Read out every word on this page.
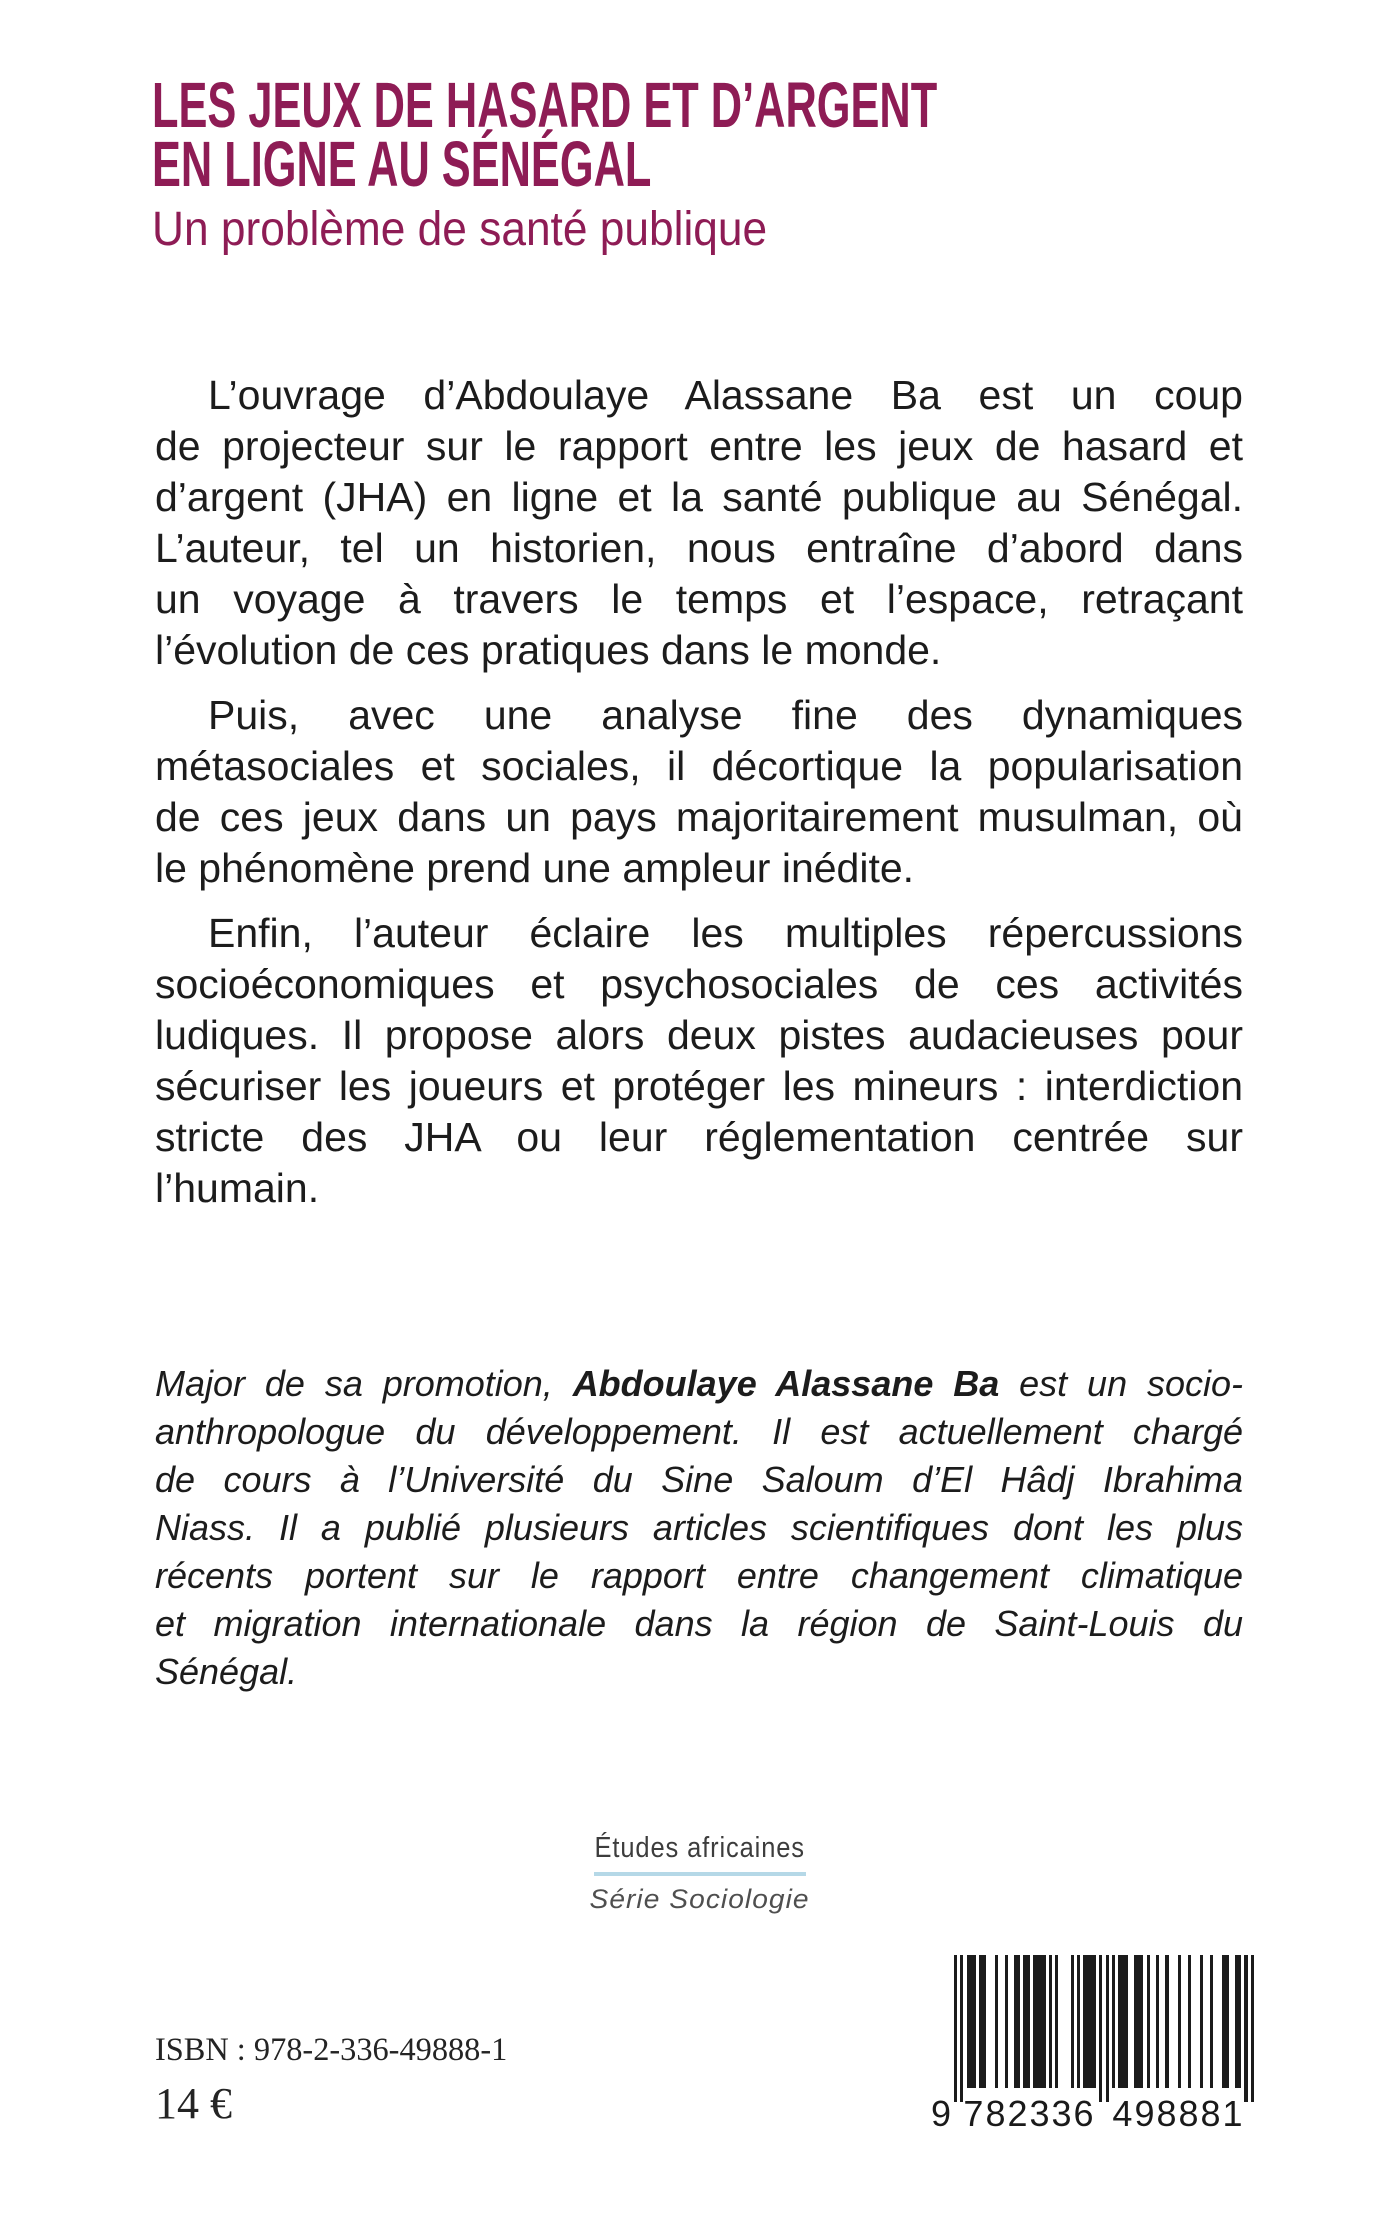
LES JEUX DE HASARD ET D’ARGENT
EN LIGNE AU SÉNÉGAL
Un problème de santé publique
L’ouvrage d’Abdoulaye Alassane Ba est un coup
de projecteur sur le rapport entre les jeux de hasard et
d’argent (JHA) en ligne et la santé publique au Sénégal.
L’auteur, tel un historien, nous entraîne d’abord dans
un voyage à travers le temps et l’espace, retraçant
l’évolution de ces pratiques dans le monde.
Puis, avec une analyse fine des dynamiques
métasociales et sociales, il décortique la popularisation
de ces jeux dans un pays majoritairement musulman, où
le phénomène prend une ampleur inédite.
Enfin, l’auteur éclaire les multiples répercussions
socioéconomiques et psychosociales de ces activités
ludiques. Il propose alors deux pistes audacieuses pour
sécuriser les joueurs et protéger les mineurs : interdiction
stricte des JHA ou leur réglementation centrée sur
l’humain.
Major de sa promotion, Abdoulaye Alassane Ba est un socio-
anthropologue du développement. Il est actuellement chargé
de cours à l’Université du Sine Saloum d’El Hâdj Ibrahima
Niass. Il a publié plusieurs articles scientifiques dont les plus
récents portent sur le rapport entre changement climatique
et migration internationale dans la région de Saint-Louis du
Sénégal.
Études africaines
Série Sociologie
ISBN : 978-2-336-49888-1
14 €	9 782336 498881
